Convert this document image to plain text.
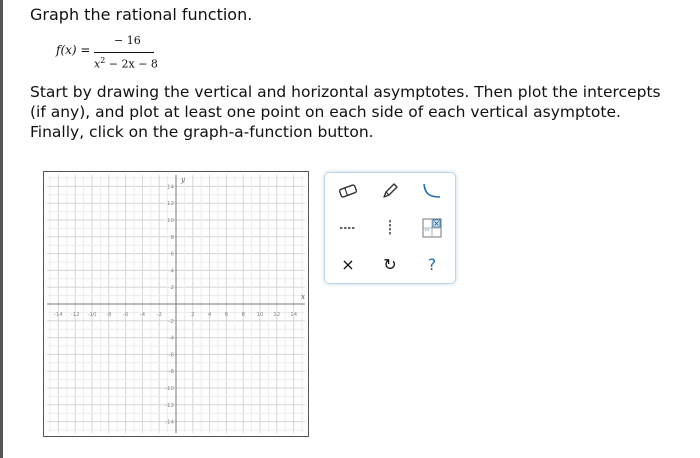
Graph the rational function.
f(x) =
− 16
$x^2 - 2x - 8$
Start by drawing the vertical and horizontal asymptotes. Then plot the intercepts (if any), and plot at least one point on each side of each vertical asymptote. Finally, click on the graph-a-function button.
-14 -12 -10 -8 -6 -4 -2	2 4 6 8 10 12 14
14
12
10
8
6
4
2
-2
-4
-6
-8
-10
-12
-14
x
y
×	↻	?
